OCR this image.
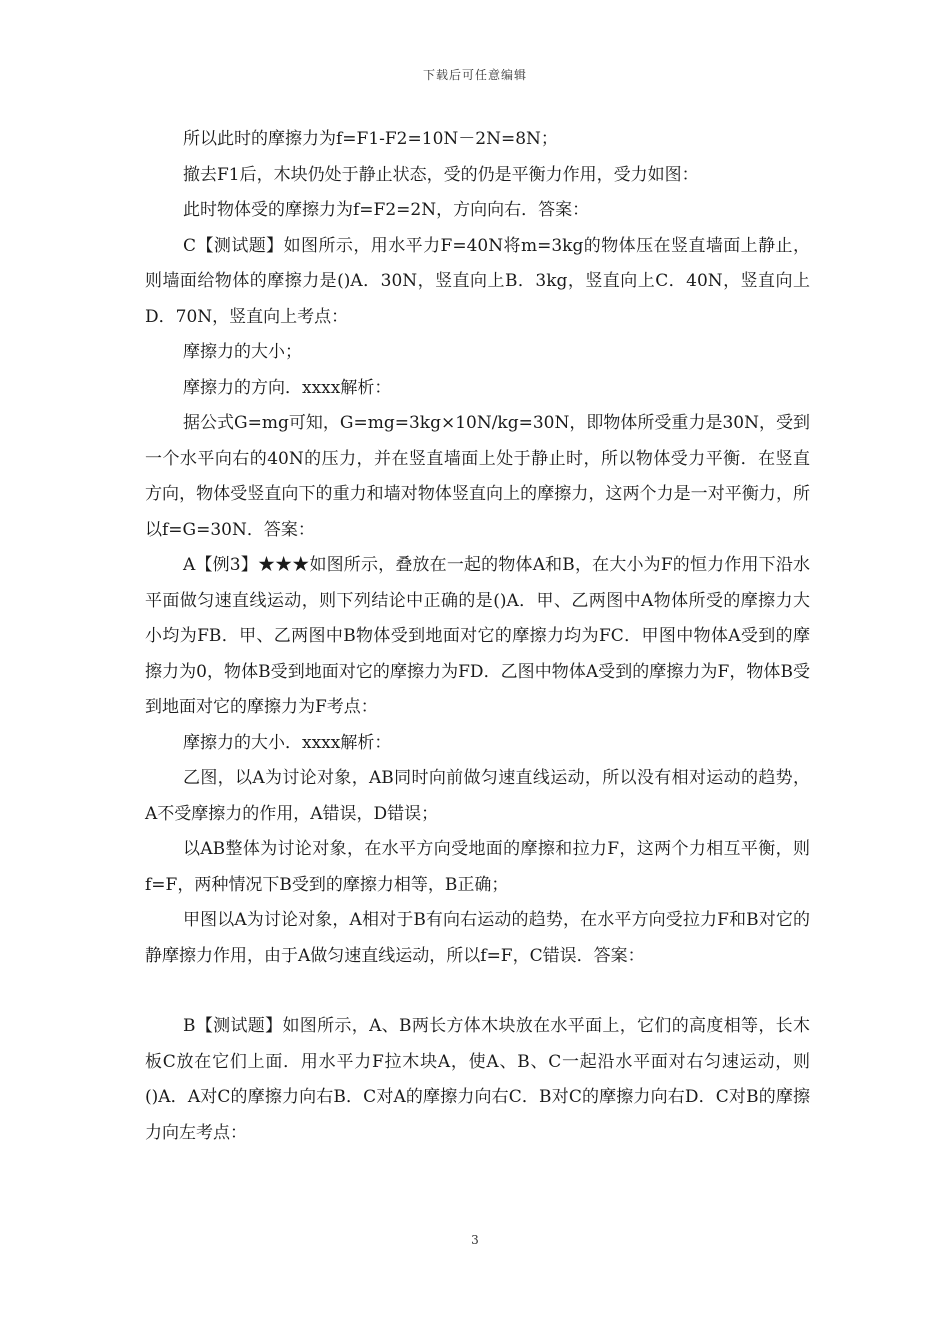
下载后可任意编辑

所以此时的摩擦力为f=F1-F2=10N－2N=8N；

撤去F1后，木块仍处于静止状态，受的仍是平衡力作用，受力如图：

此时物体受的摩擦力为f=F2=2N，方向向右．答案：

C【测试题】如图所示，用水平力F=40N将m=3kg的物体压在竖直墙面上静止，则墙面给物体的摩擦力是()A．30N，竖直向上B．3kg，竖直向上C．40N，竖直向上D．70N，竖直向上考点：

摩擦力的大小；

摩擦力的方向．xxxx解析：

据公式G=mg可知，G=mg=3kg×10N/kg=30N，即物体所受重力是30N，受到一个水平向右的40N的压力，并在竖直墙面上处于静止时，所以物体受力平衡．在竖直方向，物体受竖直向下的重力和墙对物体竖直向上的摩擦力，这两个力是一对平衡力，所以f=G=30N．答案：

A【例3】★★★如图所示，叠放在一起的物体A和B，在大小为F的恒力作用下沿水平面做匀速直线运动，则下列结论中正确的是()A．甲、乙两图中A物体所受的摩擦力大小均为FB．甲、乙两图中B物体受到地面对它的摩擦力均为FC．甲图中物体A受到的摩擦力为0，物体B受到地面对它的摩擦力为FD．乙图中物体A受到的摩擦力为F，物体B受到地面对它的摩擦力为F考点：

摩擦力的大小．xxxx解析：

乙图，以A为讨论对象，AB同时向前做匀速直线运动，所以没有相对运动的趋势，A不受摩擦力的作用，A错误，D错误；

以AB整体为讨论对象，在水平方向受地面的摩擦和拉力F，这两个力相互平衡，则f=F，两种情况下B受到的摩擦力相等，B正确；

甲图以A为讨论对象，A相对于B有向右运动的趋势，在水平方向受拉力F和B对它的静摩擦力作用，由于A做匀速直线运动，所以f=F，C错误．答案：

B【测试题】如图所示，A、B两长方体木块放在水平面上，它们的高度相等，长木板C放在它们上面．用水平力F拉木块A，使A、B、C一起沿水平面对右匀速运动，则()A．A对C的摩擦力向右B．C对A的摩擦力向右C．B对C的摩擦力向右D．C对B的摩擦力向左考点：

3
